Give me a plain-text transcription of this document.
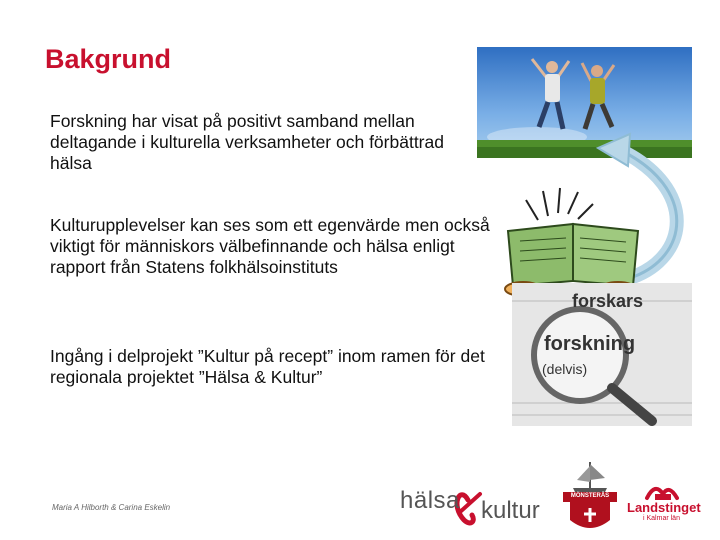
Bakgrund
Forskning har visat på positivt samband mellan deltagande i kulturella verksamheter och förbättrad hälsa
Kulturupplevelser kan ses som ett egenvärde men också viktigt för människors välbefinnande och hälsa enligt rapport från Statens folkhälsoinstituts
Ingång i delprojekt ”Kultur på recept” inom ramen för det regionala projektet ”Hälsa & Kultur”
Maria A Hilborth & Carina Eskelin
forskars
forskning
(delvis)
hälsa kultur
MÖNSTERÅS
Landstinget
i Kalmar län
